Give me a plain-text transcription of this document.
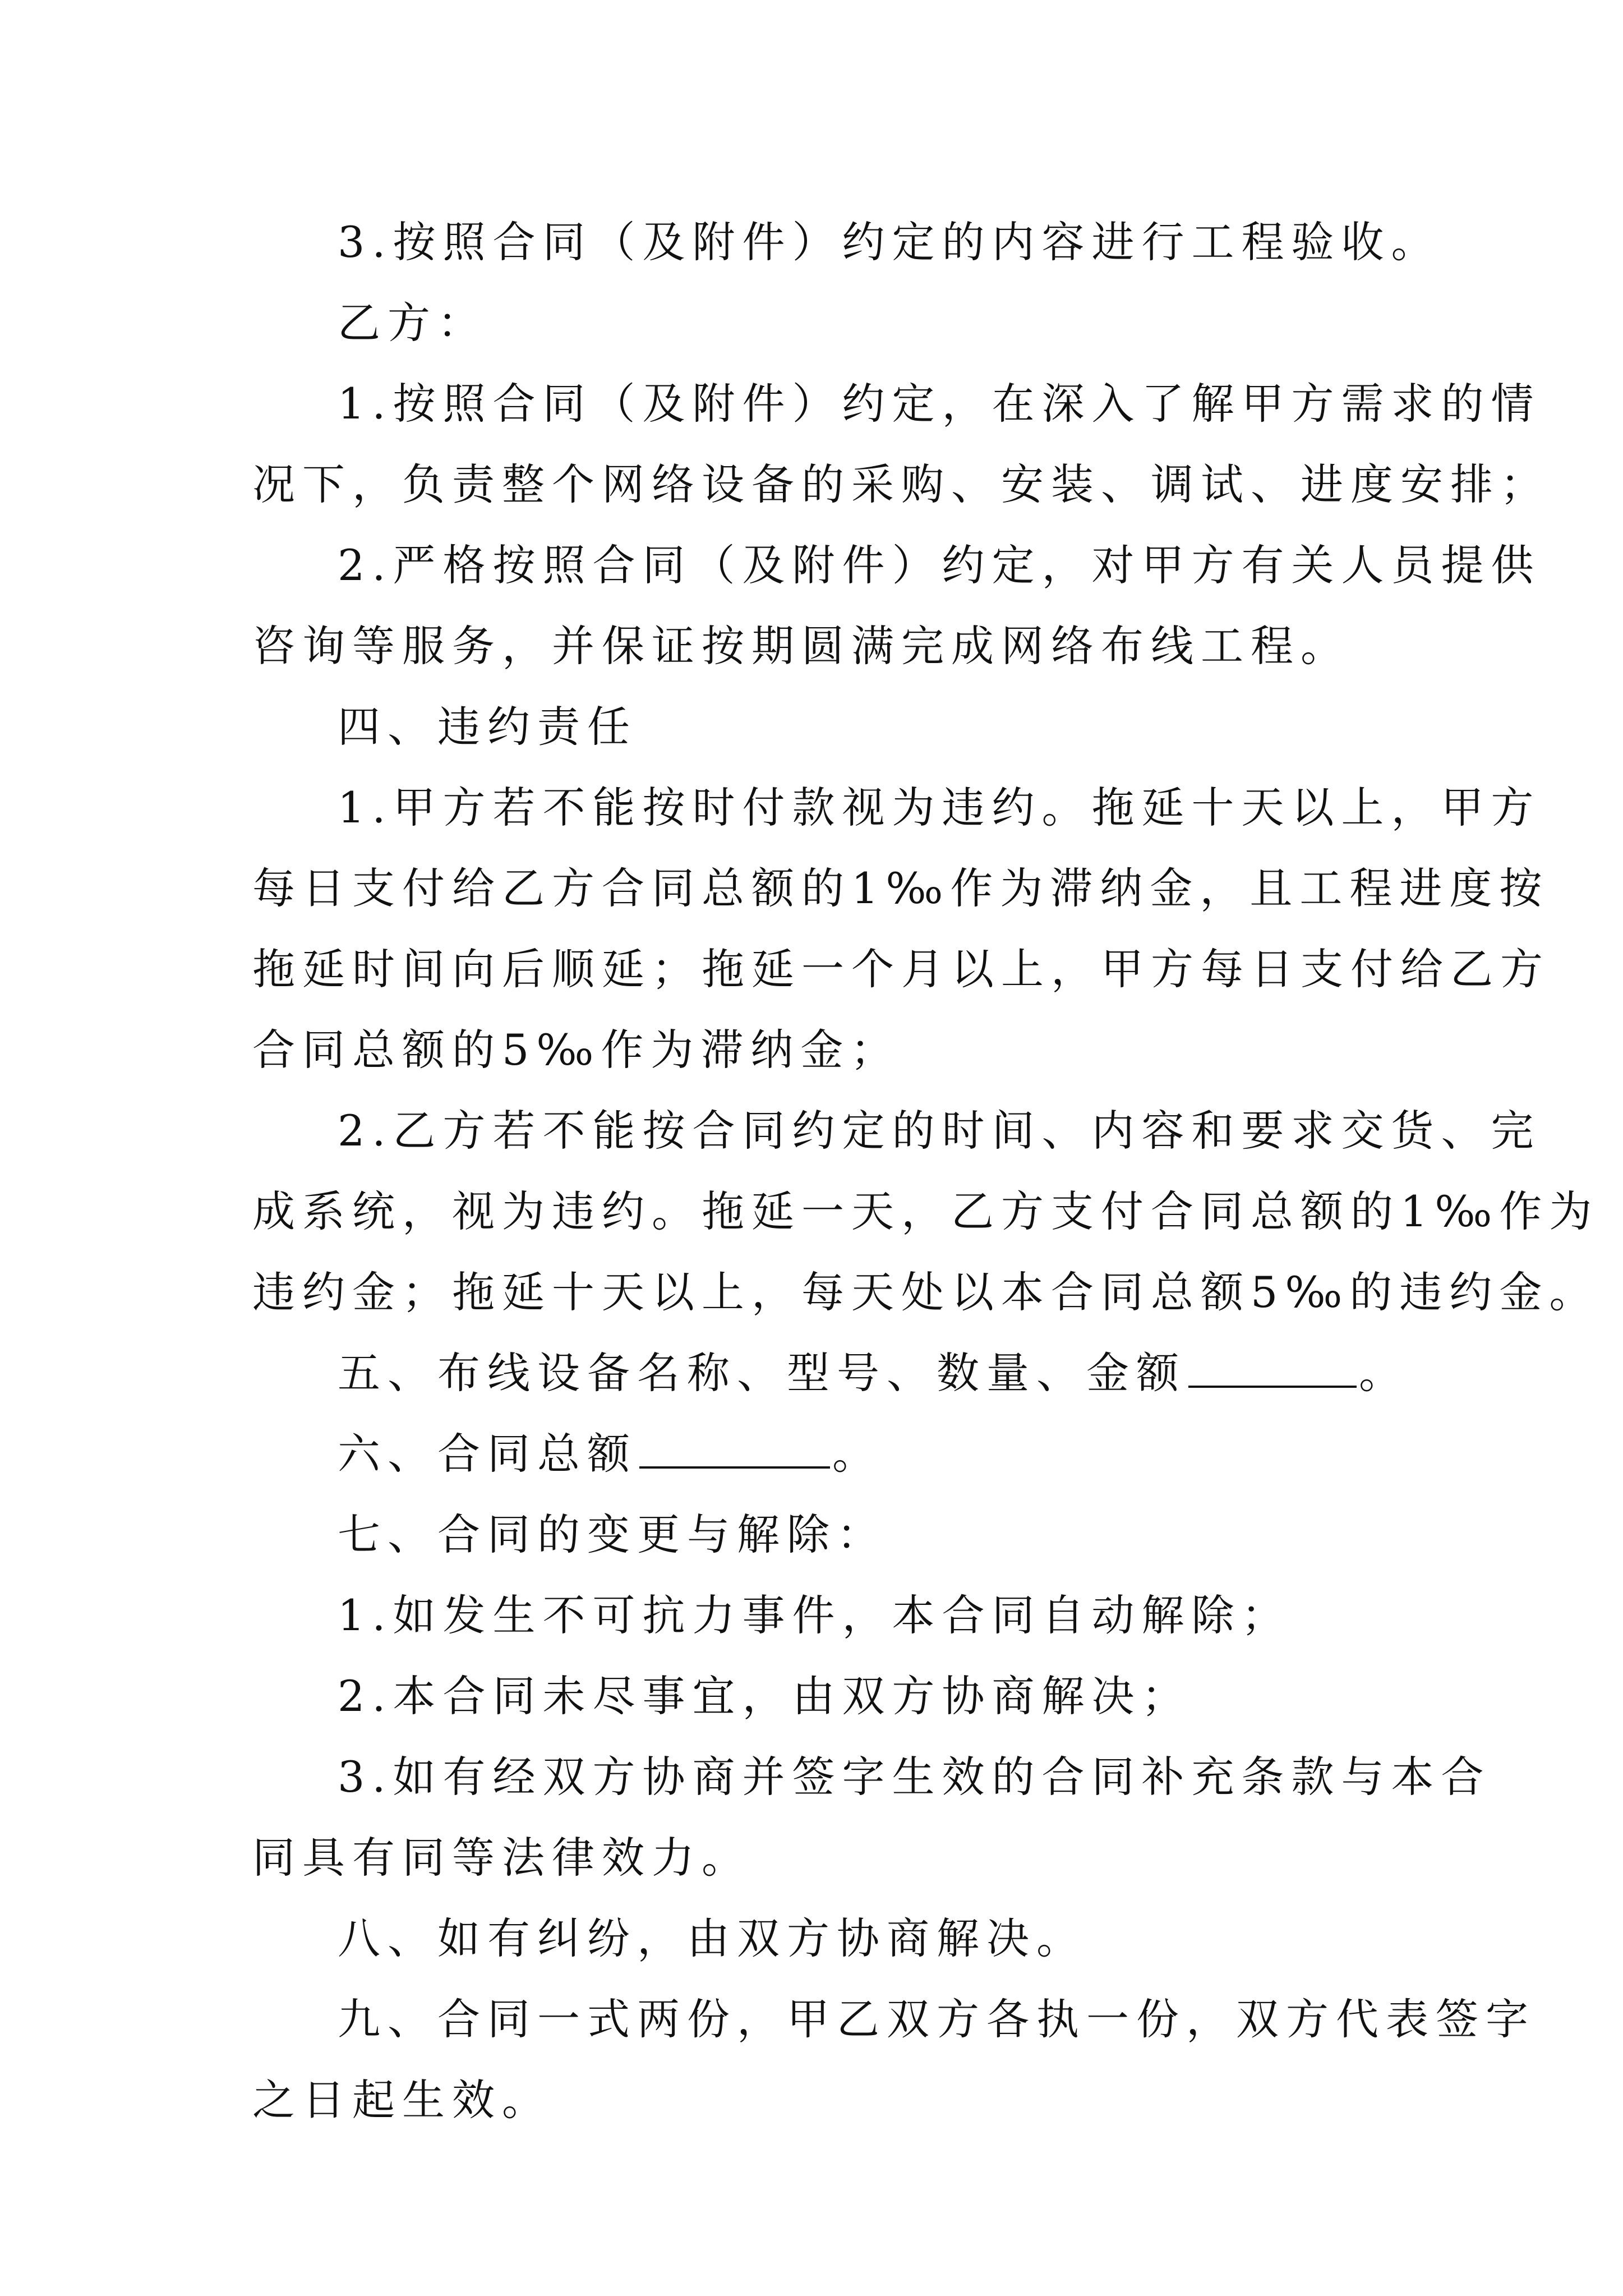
3.按照合同（及附件）约定的内容进行工程验收。
乙方：
1.按照合同（及附件）约定，在深入了解甲方需求的情
况下，负责整个网络设备的采购、安装、调试、进度安排；
2.严格按照合同（及附件）约定，对甲方有关人员提供
咨询等服务，并保证按期圆满完成网络布线工程。
四、违约责任
1.甲方若不能按时付款视为违约。拖延十天以上，甲方
每日支付给乙方合同总额的1‰作为滞纳金，且工程进度按
拖延时间向后顺延；拖延一个月以上，甲方每日支付给乙方
合同总额的5‰作为滞纳金；
2.乙方若不能按合同约定的时间、内容和要求交货、完
成系统，视为违约。拖延一天，乙方支付合同总额的1‰作为
违约金；拖延十天以上，每天处以本合同总额5‰的违约金。
五、布线设备名称、型号、数量、金额	。
六、合同总额	。
七、合同的变更与解除：
1.如发生不可抗力事件，本合同自动解除；
2.本合同未尽事宜，由双方协商解决；
3.如有经双方协商并签字生效的合同补充条款与本合
同具有同等法律效力。
八、如有纠纷，由双方协商解决。
九、合同一式两份，甲乙双方各执一份，双方代表签字
之日起生效。
